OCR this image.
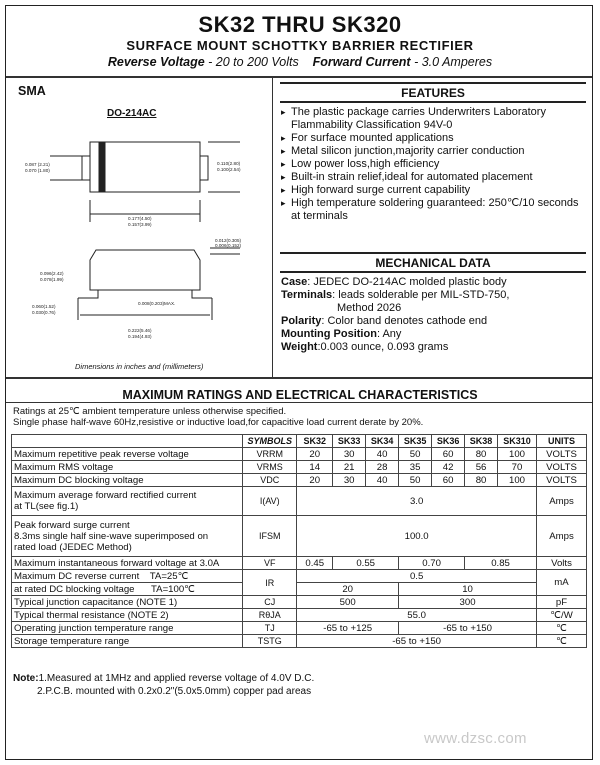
SK32 THRU SK320
SURFACE MOUNT SCHOTTKY BARRIER RECTIFIER
Reverse Voltage - 20 to 200 Volts Forward Current - 3.0 Amperes
SMA
DO-214AC
0.087 (2.21)
0.070 (1.80)
0.110(2.80)
0.100(2.54)
0.177(4.50)
0.157(3.99)
0.012(0.305)
0.006(0.152)
0.096(2.42)
0.078(1.99)
0.008(0.203)MAX.
0.060(1.52)
0.030(0.76)
0.222(5.46)
0.194(4.93)
Dimensions in inches and (millimeters)
FEATURES
▸ The plastic package carries Underwriters Laboratory Flammability Classification 94V-0
▸ For surface mounted applications
▸ Metal silicon junction,majority carrier conduction
▸ Low power loss,high efficiency
▸ Built-in strain relief,ideal for automated placement
▸ High forward surge current capability
▸ High temperature soldering guaranteed: 250℃/10 seconds at terminals
MECHANICAL DATA
Case: JEDEC DO-214AC molded plastic body
Terminals: leads solderable per MIL-STD-750,
Method 2026
Polarity: Color band denotes cathode end
Mounting Position: Any
Weight:0.003 ounce, 0.093 grams
MAXIMUM RATINGS AND ELECTRICAL CHARACTERISTICS
Ratings at 25℃ ambient temperature unless otherwise specified.
Single phase half-wave 60Hz,resistive or inductive load,for capacitive load current derate by 20%.
	SYMBOLS	SK32	SK33	SK34	SK35	SK36	SK38	SK310	UNITS
Maximum repetitive peak reverse voltage	VRRM	20	30	40	50	60	80	100	VOLTS
Maximum RMS voltage	VRMS	14	21	28	35	42	56	70	VOLTS
Maximum DC blocking voltage	VDC	20	30	40	50	60	80	100	VOLTS

Maximum average forward rectified current
at TL(see fig.1)	I(AV)	3.0							Amps

Peak forward surge current
8.3ms single half sine-wave superimposed on
rated load (JEDEC Method)	IFSM	100.0							Amps
Maximum instantaneous forward voltage at 3.0A	VF	0.45	0.55		0.70		0.85		Volts
Maximum DC reverse current TA=25℃	IR	0.5							mA
at rated DC blocking voltage TA=100℃		20			10				
Typical junction capacitance (NOTE 1)	CJ	500			300				pF
Typical thermal resistance (NOTE 2)	RθJA	55.0							℃/W
Operating junction temperature range	TJ	-65 to +125			-65 to +150				℃
Storage temperature range	TSTG	-65 to +150							℃
Note:1.Measured at 1MHz and applied reverse voltage of 4.0V D.C.
2.P.C.B. mounted with 0.2x0.2"(5.0x5.0mm) copper pad areas
www.dzsc.com
